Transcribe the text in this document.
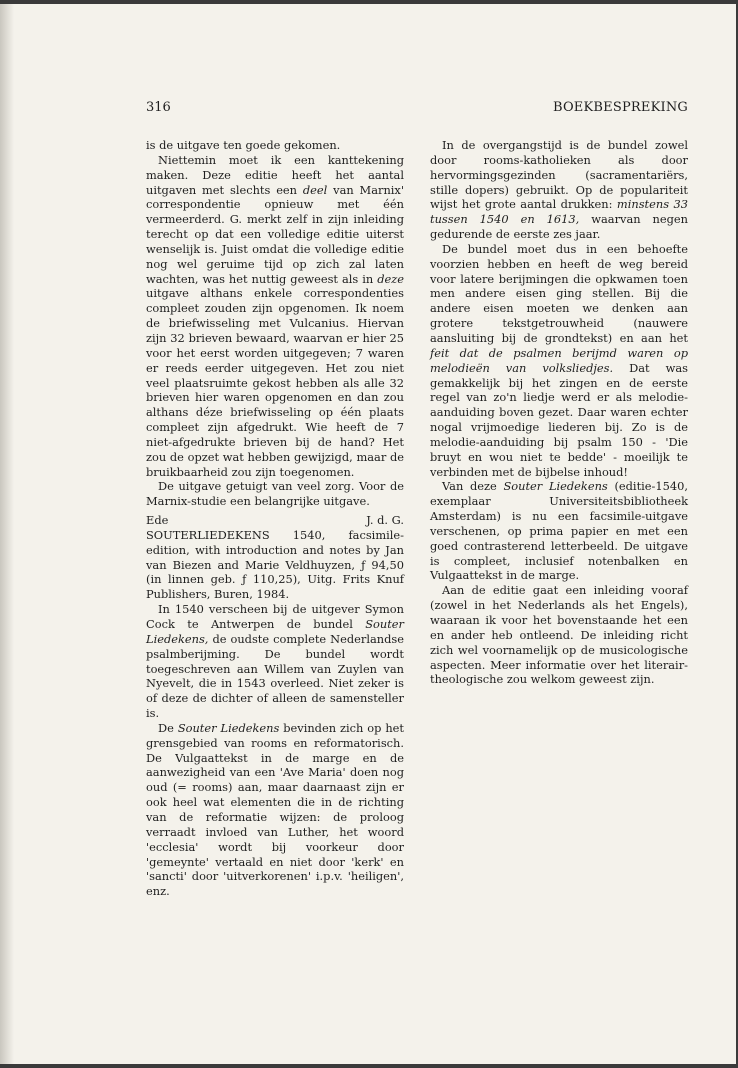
316	BOEKBESPREKING

is de uitgave ten goede gekomen.

Niettemin moet ik een kanttekening maken. Deze editie heeft het aantal uitgaven met slechts een deel van Marnix' correspondentie opnieuw met één vermeerderd. G. merkt zelf in zijn inleiding terecht op dat een volledige editie uiterst wenselijk is. Juist omdat die volledige editie nog wel geruime tijd op zich zal laten wachten, was het nuttig geweest als in deze uitgave althans enkele correspondenties compleet zouden zijn opgenomen. Ik noem de briefwisseling met Vulcanius. Hiervan zijn 32 brieven bewaard, waarvan er hier 25 voor het eerst worden uitgegeven; 7 waren er reeds eerder uitgegeven. Het zou niet veel plaatsruimte gekost hebben als alle 32 brieven hier waren opgenomen en dan zou althans déze briefwisseling op één plaats compleet zijn afgedrukt. Wie heeft de 7 niet-afgedrukte brieven bij de hand? Het zou de opzet wat hebben gewijzigd, maar de bruikbaarheid zou zijn toegenomen.

De uitgave getuigt van veel zorg. Voor de Marnix-studie een belangrijke uitgave.

Ede	J. d. G.

SOUTERLIEDEKENS 1540, facsimile-edition, with introduction and notes by Jan van Biezen and Marie Veldhuyzen, ƒ 94,50 (in linnen geb. ƒ 110,25), Uitg. Frits Knuf Publishers, Buren, 1984.

In 1540 verscheen bij de uitgever Symon Cock te Antwerpen de bundel Souter Liedekens, de oudste complete Nederlandse psalmberijming. De bundel wordt toegeschreven aan Willem van Zuylen van Nyevelt, die in 1543 overleed. Niet zeker is of deze de dichter of alleen de samensteller is.

De Souter Liedekens bevinden zich op het grensgebied van rooms en reformatorisch. De Vulgaattekst in de marge en de aanwezigheid van een 'Ave Maria' doen nog oud (= rooms) aan, maar daarnaast zijn er ook heel wat elementen die in de richting van de reformatie wijzen: de proloog verraadt invloed van Luther, het woord 'ecclesia' wordt bij voorkeur door 'gemeynte' vertaald en niet door 'kerk' en 'sancti' door 'uitverkorenen' i.p.v. 'heiligen', enz.

In de overgangstijd is de bundel zowel door rooms-katholieken als door hervormingsgezinden (sacramentariërs, stille dopers) gebruikt. Op de populariteit wijst het grote aantal drukken: minstens 33 tussen 1540 en 1613, waarvan negen gedurende de eerste zes jaar.

De bundel moet dus in een behoefte voorzien hebben en heeft de weg bereid voor latere berijmingen die opkwamen toen men andere eisen ging stellen. Bij die andere eisen moeten we denken aan grotere tekstgetrouwheid (nauwere aansluiting bij de grondtekst) en aan het feit dat de psalmen berijmd waren op melodieën van volksliedjes. Dat was gemakkelijk bij het zingen en de eerste regel van zo'n liedje werd er als melodie-aanduiding boven gezet. Daar waren echter nogal vrijmoedige liederen bij. Zo is de melodie-aanduiding bij psalm 150 - 'Die bruyt en wou niet te bedde' - moeilijk te verbinden met de bijbelse inhoud!

Van deze Souter Liedekens (editie-1540, exemplaar Universiteitsbibliotheek Amsterdam) is nu een facsimile-uitgave verschenen, op prima papier en met een goed contrasterend letterbeeld. De uitgave is compleet, inclusief notenbalken en Vulgaattekst in de marge.

Aan de editie gaat een inleiding vooraf (zowel in het Nederlands als het Engels), waaraan ik voor het bovenstaande het een en ander heb ontleend. De inleiding richt zich wel voornamelijk op de musicologische aspecten. Meer informatie over het literair-theologische zou welkom geweest zijn.
